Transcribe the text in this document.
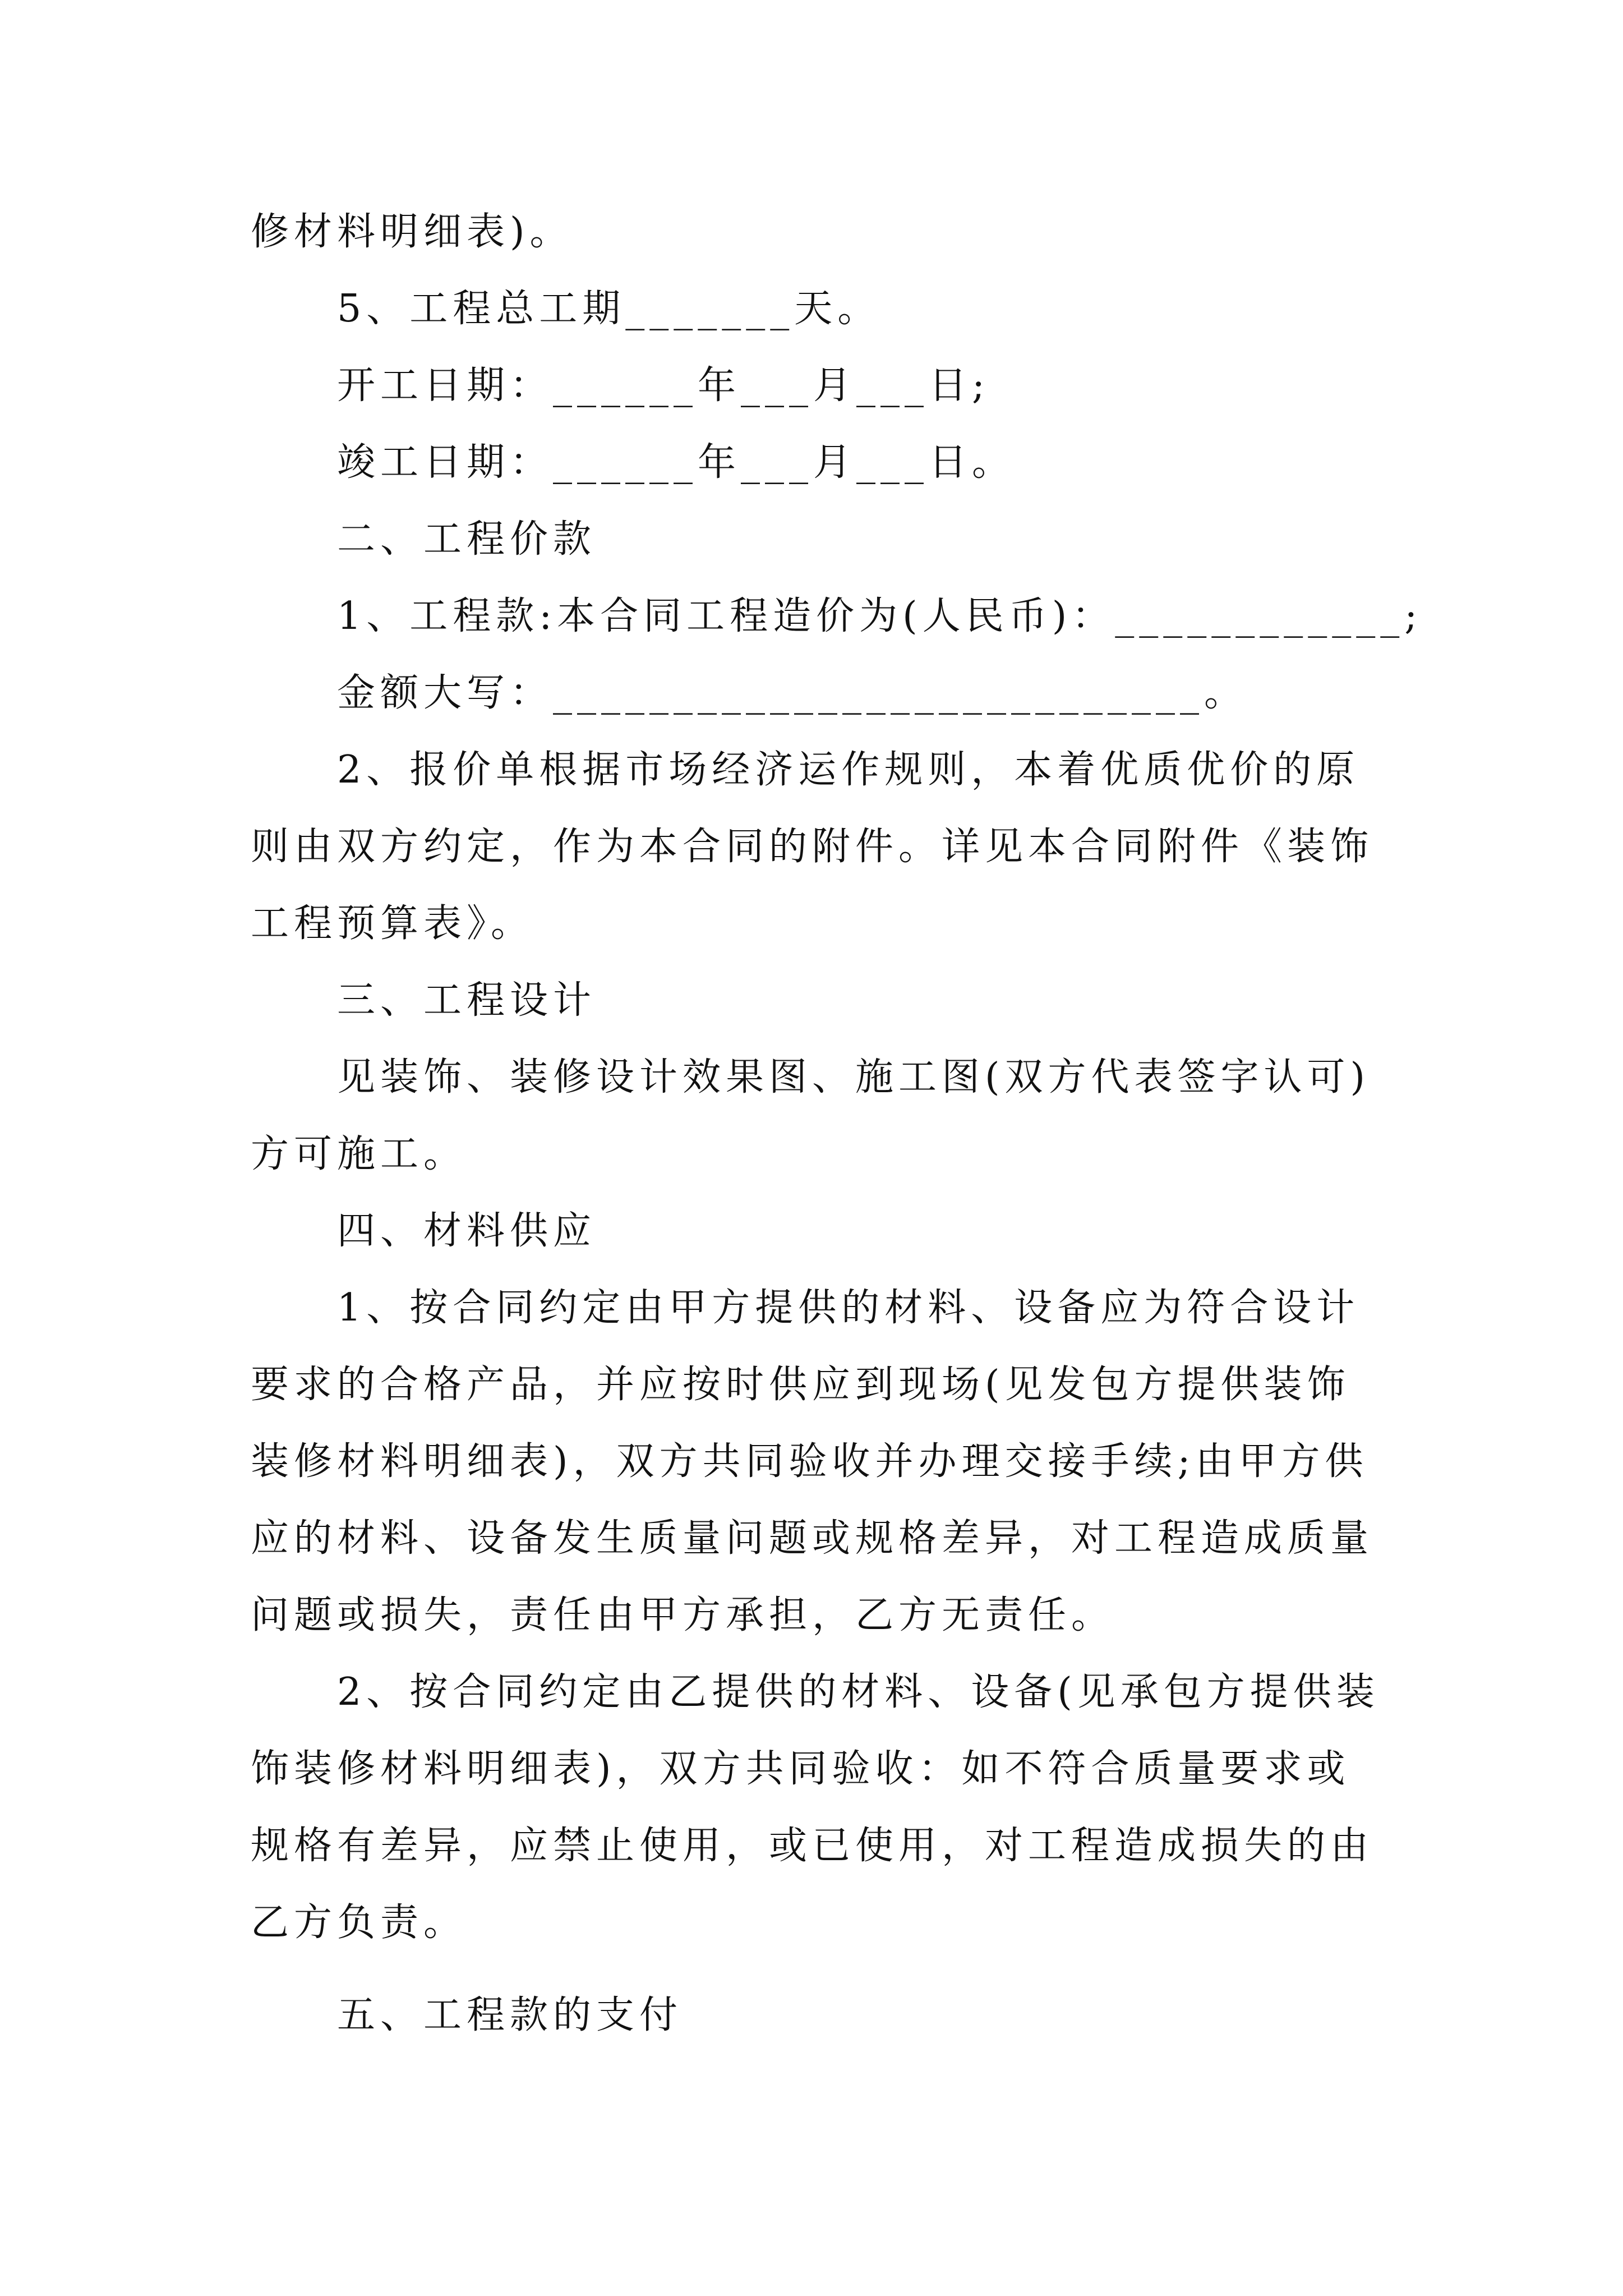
修材料明细表)。
5、工程总工期_______天。
开工日期：______年___月___日;
竣工日期：______年___月___日。
二、工程价款
1、工程款:本合同工程造价为(人民币)：____________;
金额大写：___________________________。
2、报价单根据市场经济运作规则，本着优质优价的原
则由双方约定，作为本合同的附件。详见本合同附件《装饰
工程预算表》。
三、工程设计
见装饰、装修设计效果图、施工图(双方代表签字认可)
方可施工。
四、材料供应
1、按合同约定由甲方提供的材料、设备应为符合设计
要求的合格产品，并应按时供应到现场(见发包方提供装饰
装修材料明细表)，双方共同验收并办理交接手续;由甲方供
应的材料、设备发生质量问题或规格差异，对工程造成质量
问题或损失，责任由甲方承担，乙方无责任。
2、按合同约定由乙提供的材料、设备(见承包方提供装
饰装修材料明细表)，双方共同验收：如不符合质量要求或
规格有差异，应禁止使用，或已使用，对工程造成损失的由
乙方负责。
五、工程款的支付
